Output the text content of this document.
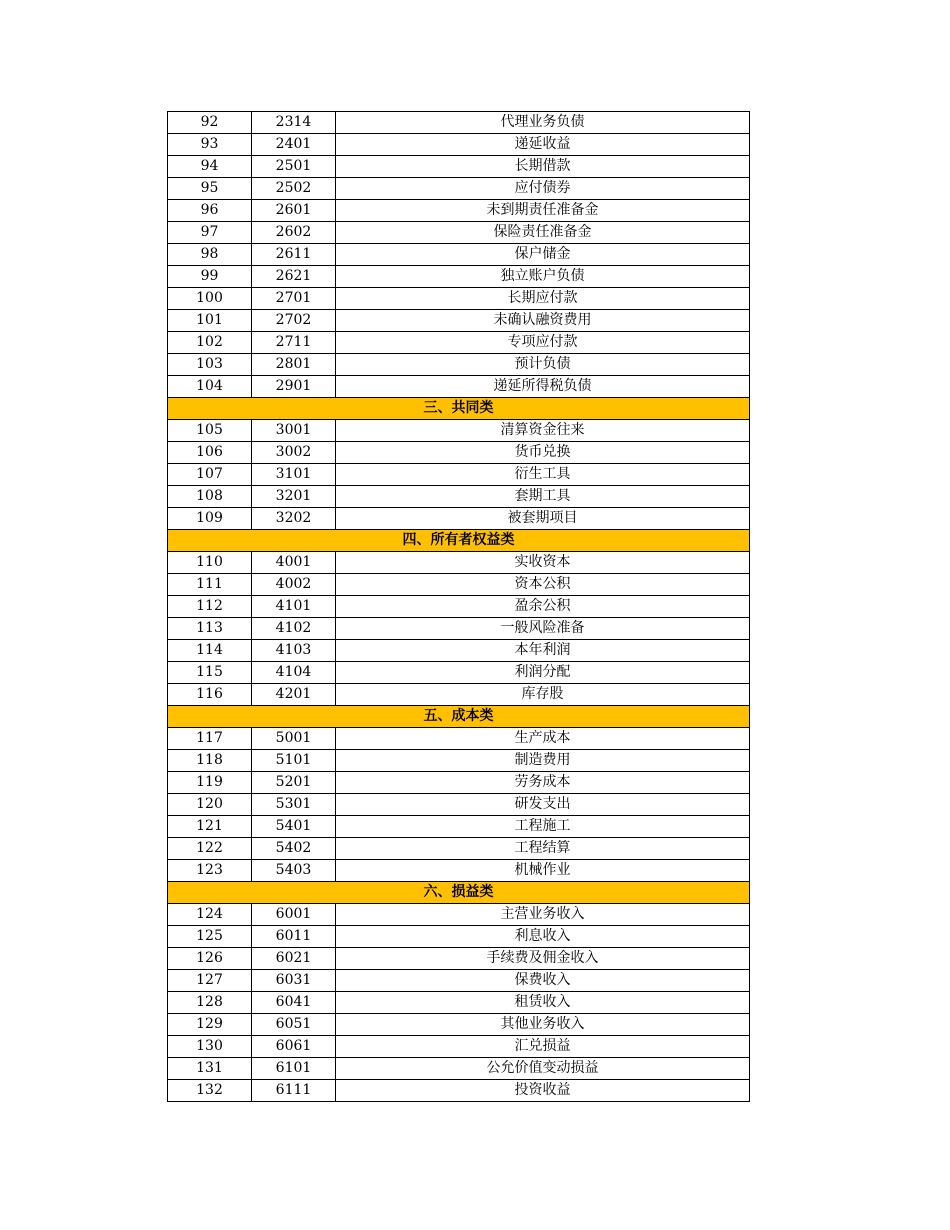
92	2314	代理业务负债
93	2401	递延收益
94	2501	长期借款
95	2502	应付债券
96	2601	未到期责任准备金
97	2602	保险责任准备金
98	2611	保户储金
99	2621	独立账户负债
100	2701	长期应付款
101	2702	未确认融资费用
102	2711	专项应付款
103	2801	预计负债
104	2901	递延所得税负债
三、共同类		
105	3001	清算资金往来
106	3002	货币兑换
107	3101	衍生工具
108	3201	套期工具
109	3202	被套期项目
四、所有者权益类		
110	4001	实收资本
111	4002	资本公积
112	4101	盈余公积
113	4102	一般风险准备
114	4103	本年利润
115	4104	利润分配
116	4201	库存股
五、成本类		
117	5001	生产成本
118	5101	制造费用
119	5201	劳务成本
120	5301	研发支出
121	5401	工程施工
122	5402	工程结算
123	5403	机械作业
六、损益类		
124	6001	主营业务收入
125	6011	利息收入
126	6021	手续费及佣金收入
127	6031	保费收入
128	6041	租赁收入
129	6051	其他业务收入
130	6061	汇兑损益
131	6101	公允价值变动损益
132	6111	投资收益
